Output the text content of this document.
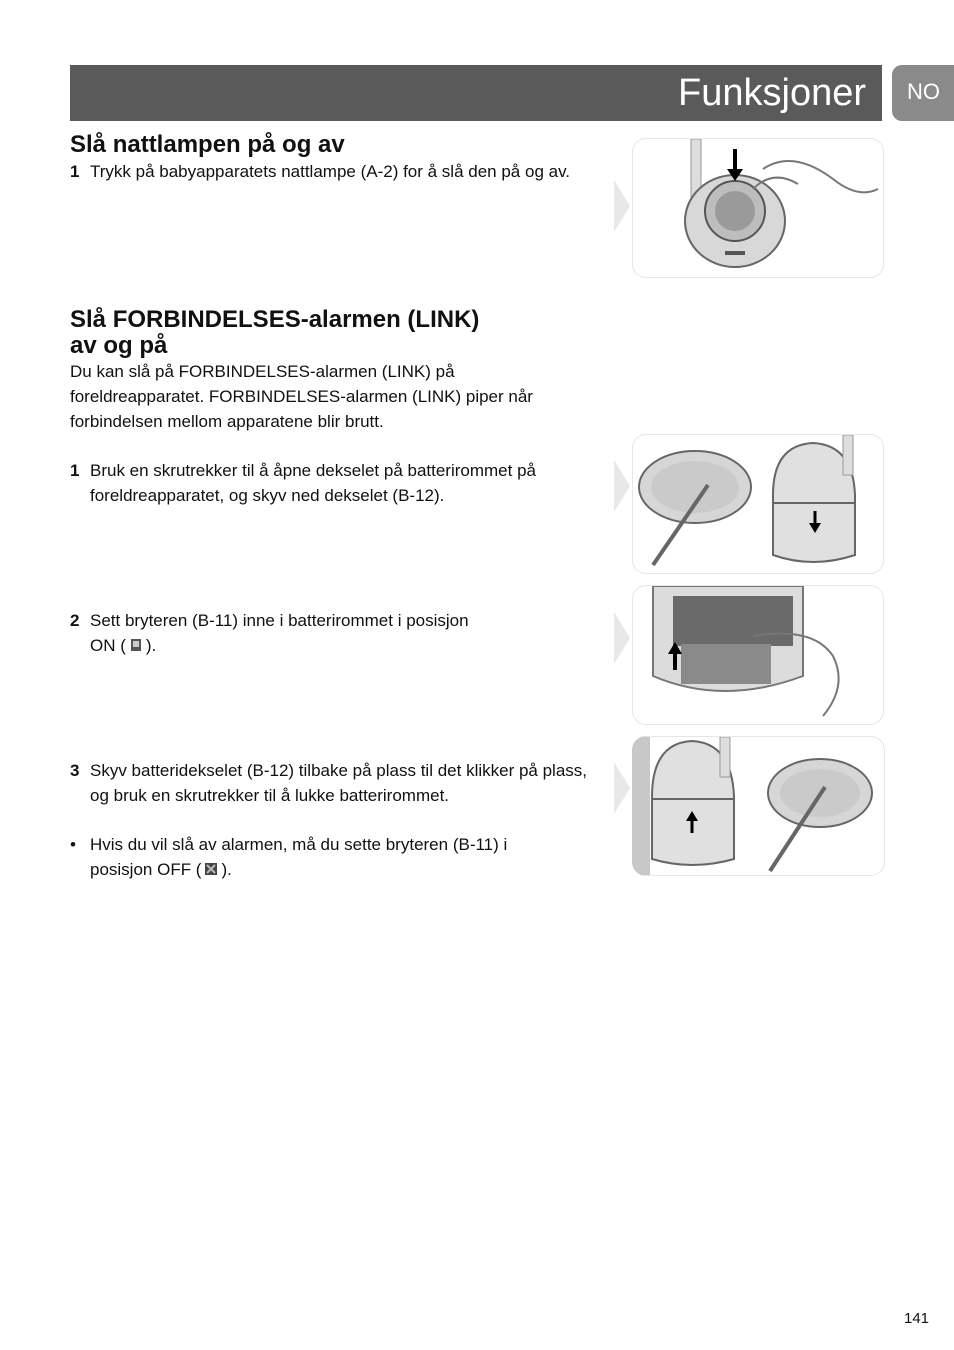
Funksjoner NO
Slå nattlampen på og av
1 Trykk på babyapparatets nattlampe (A-2) for å slå den på og av.

Slå FORBINDELSES-alarmen (LINK)
av og på

Du kan slå på FORBINDELSES-alarmen (LINK) på foreldreapparatet. FORBINDELSES-alarmen (LINK) piper når forbindelsen mellom apparatene blir brutt.

1 Bruk en skrutrekker til å åpne dekselet på batterirommet på foreldreapparatet, og skyv ned dekselet (B-12).

2 Sett bryteren (B-11) inne i batterirommet i posisjon

ON ( ).

3 Skyv batteridekselet (B-12) tilbake på plass til det klikker på plass, og bruk en skrutrekker til å lukke batterirommet.

• Hvis du vil slå av alarmen, må du sette bryteren (B-11) i

posisjon OFF ( ).

141
